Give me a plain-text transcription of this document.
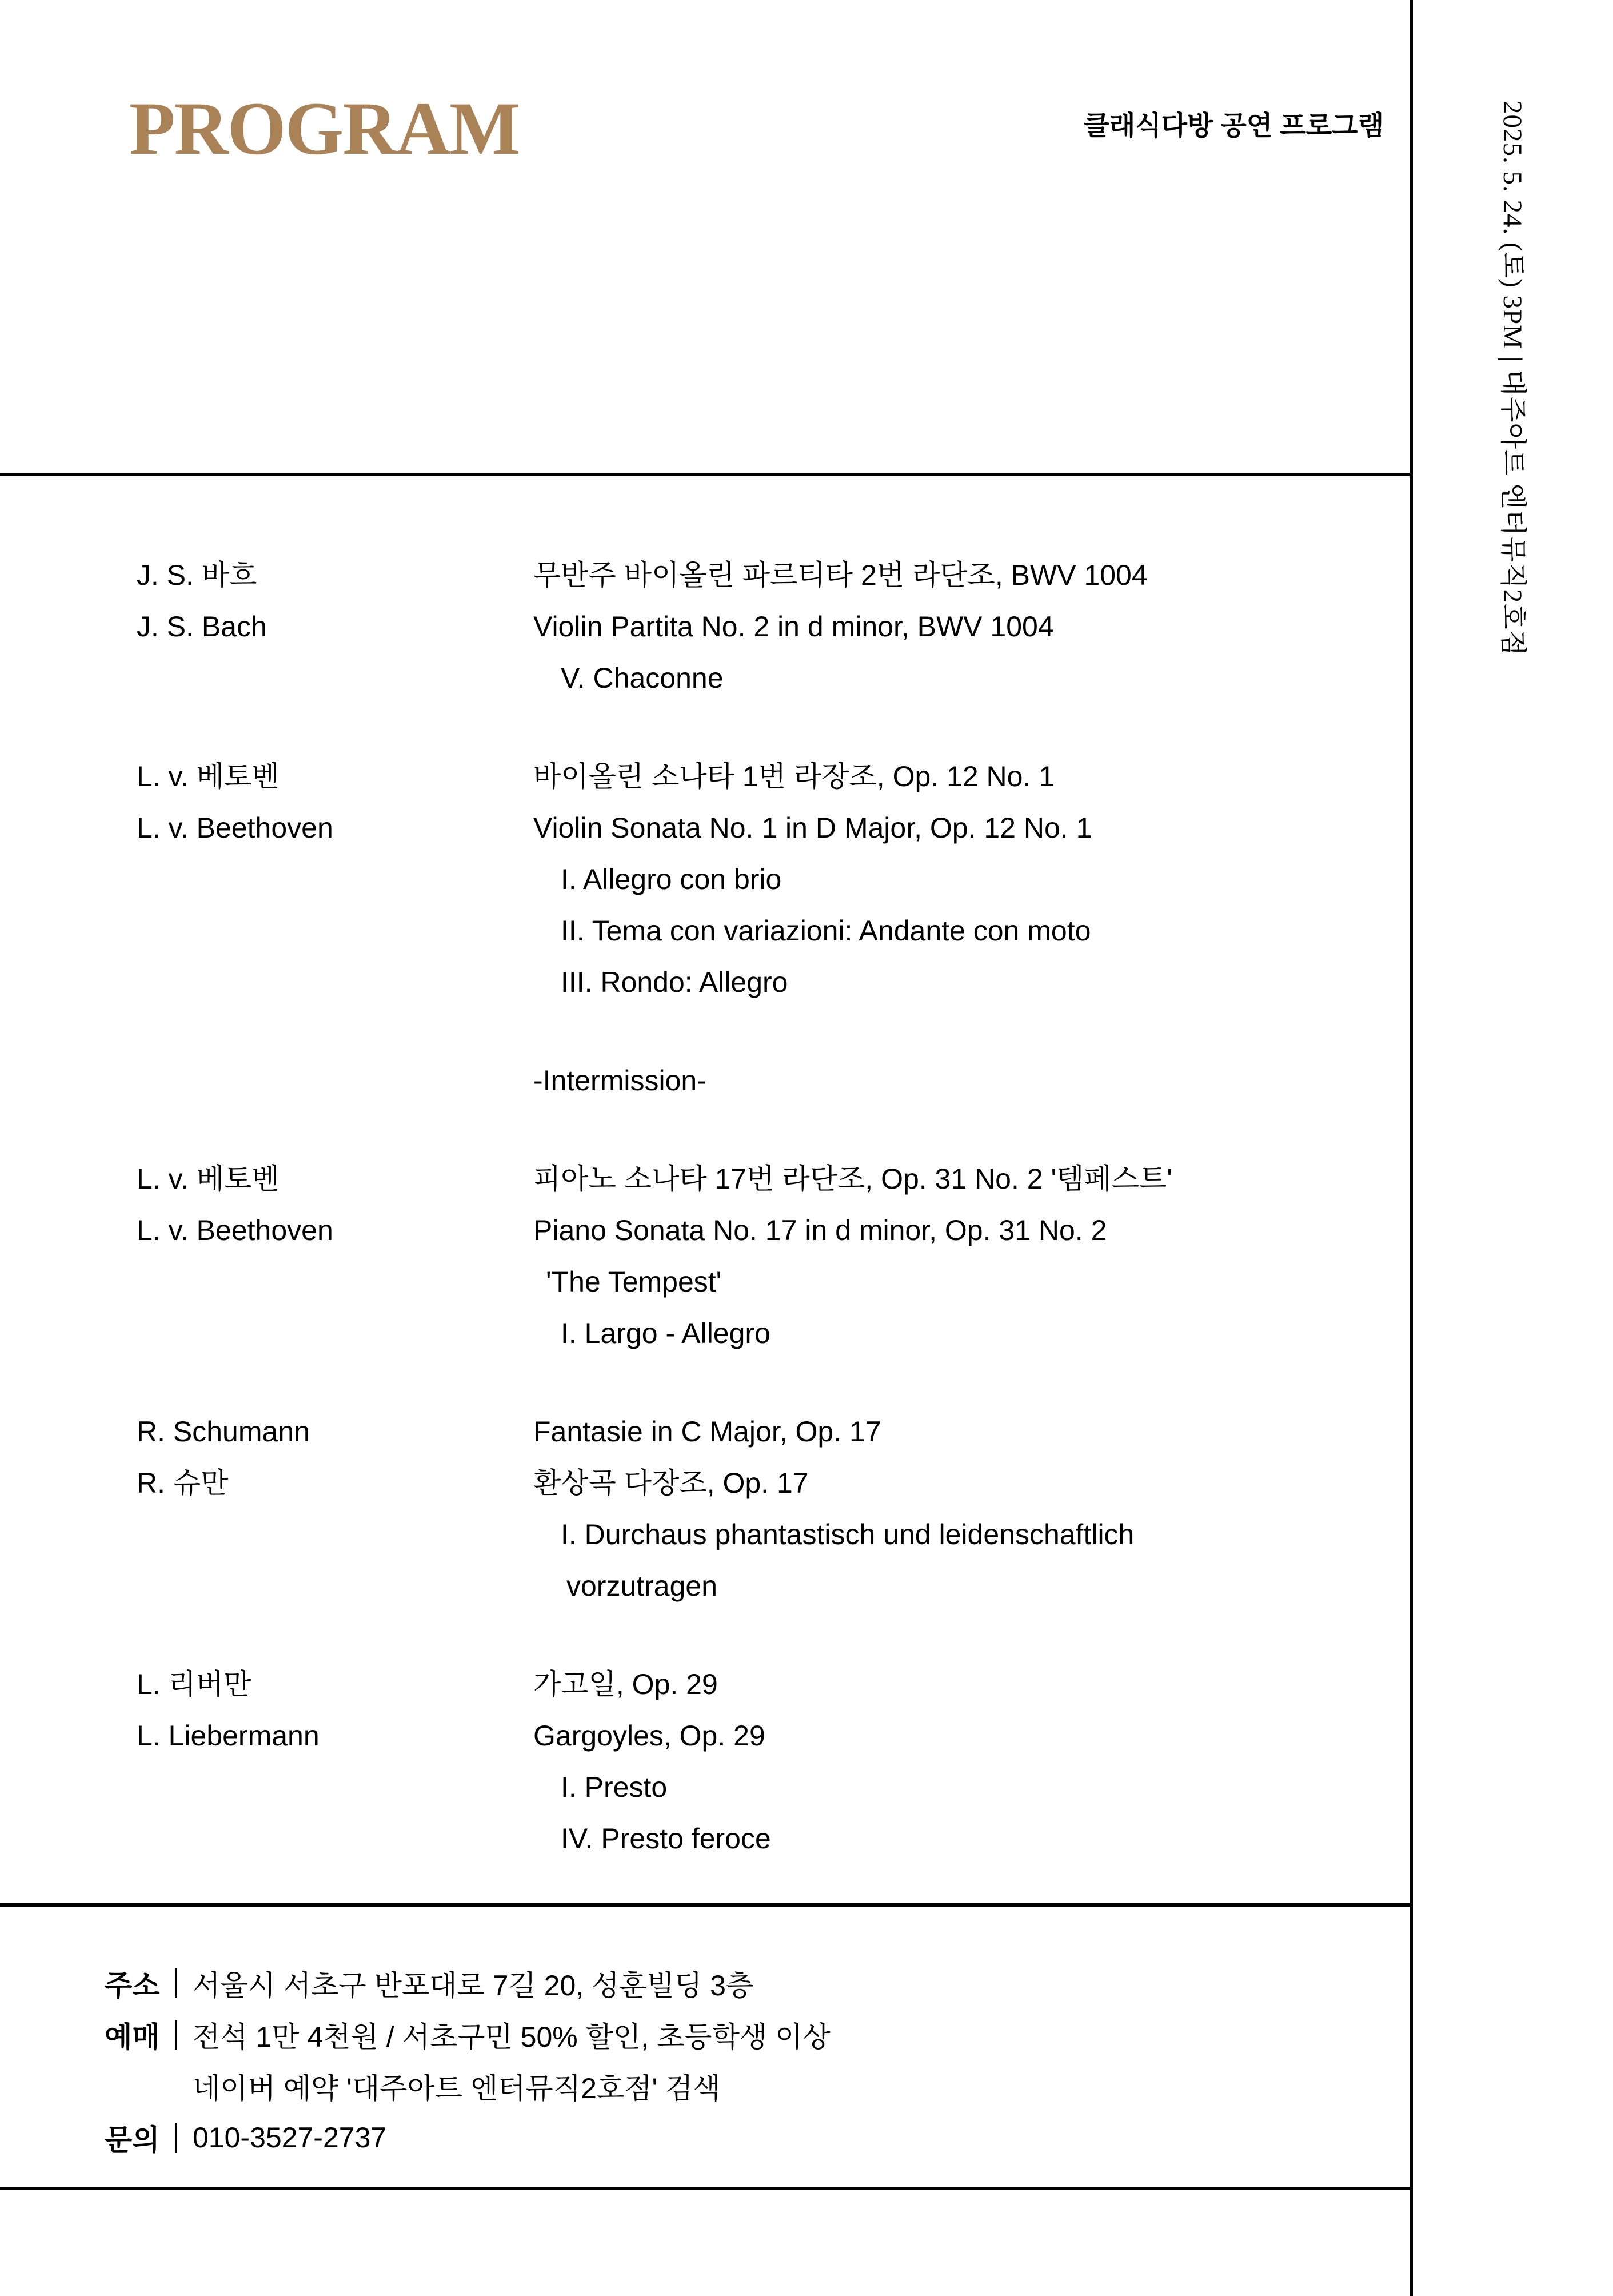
PROGRAM	클래식다방 공연 프로그램	2025. 5. 24. (토) 3PM | 대주아트 엔터뮤직2호점
J. S. 바흐
J. S. Bach
무반주 바이올린 파르티타 2번 라단조, BWV 1004
Violin Partita No. 2 in d minor, BWV 1004
V. Chaconne
L. v. 베토벤
L. v. Beethoven
바이올린 소나타 1번 라장조, Op. 12 No. 1
Violin Sonata No. 1 in D Major, Op. 12 No. 1
I. Allegro con brio
II. Tema con variazioni: Andante con moto
III. Rondo: Allegro
-Intermission-
L. v. 베토벤
L. v. Beethoven
피아노 소나타 17번 라단조, Op. 31 No. 2 '템페스트'
Piano Sonata No. 17 in d minor, Op. 31 No. 2
'The Tempest'
I. Largo - Allegro
R. Schumann
R. 슈만
Fantasie in C Major, Op. 17
환상곡 다장조, Op. 17
I. Durchaus phantastisch und leidenschaftlich
vorzutragen
L. 리버만
L. Liebermann
가고일, Op. 29
Gargoyles, Op. 29
I. Presto
IV. Presto feroce
주소 서울시 서초구 반포대로 7길 20, 성훈빌딩 3층
예매 전석 1만 4천원 / 서초구민 50% 할인, 초등학생 이상
네이버 예약 '대주아트 엔터뮤직2호점' 검색
문의 010-3527-2737
